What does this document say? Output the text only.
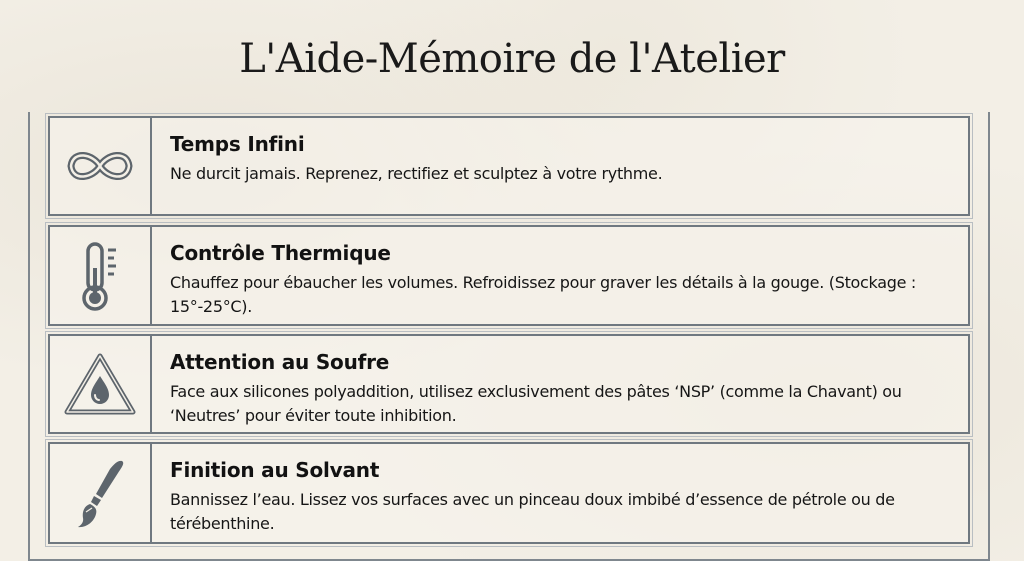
L'Aide-Mémoire de l'Atelier
Temps Infini

Ne durcit jamais. Reprenez, rectifiez et sculptez à votre rythme.

Contrôle Thermique

Chauffez pour ébaucher les volumes. Refroidissez pour graver les détails à la gouge. (Stockage : 15°-25°C).

Attention au Soufre

Face aux silicones polyaddition, utilisez exclusivement des pâtes ‘NSP’ (comme la Chavant) ou ‘Neutres’ pour éviter toute inhibition.

Finition au Solvant

Bannissez l’eau. Lissez vos surfaces avec un pinceau doux imbibé d’essence de pétrole ou de térébenthine.
